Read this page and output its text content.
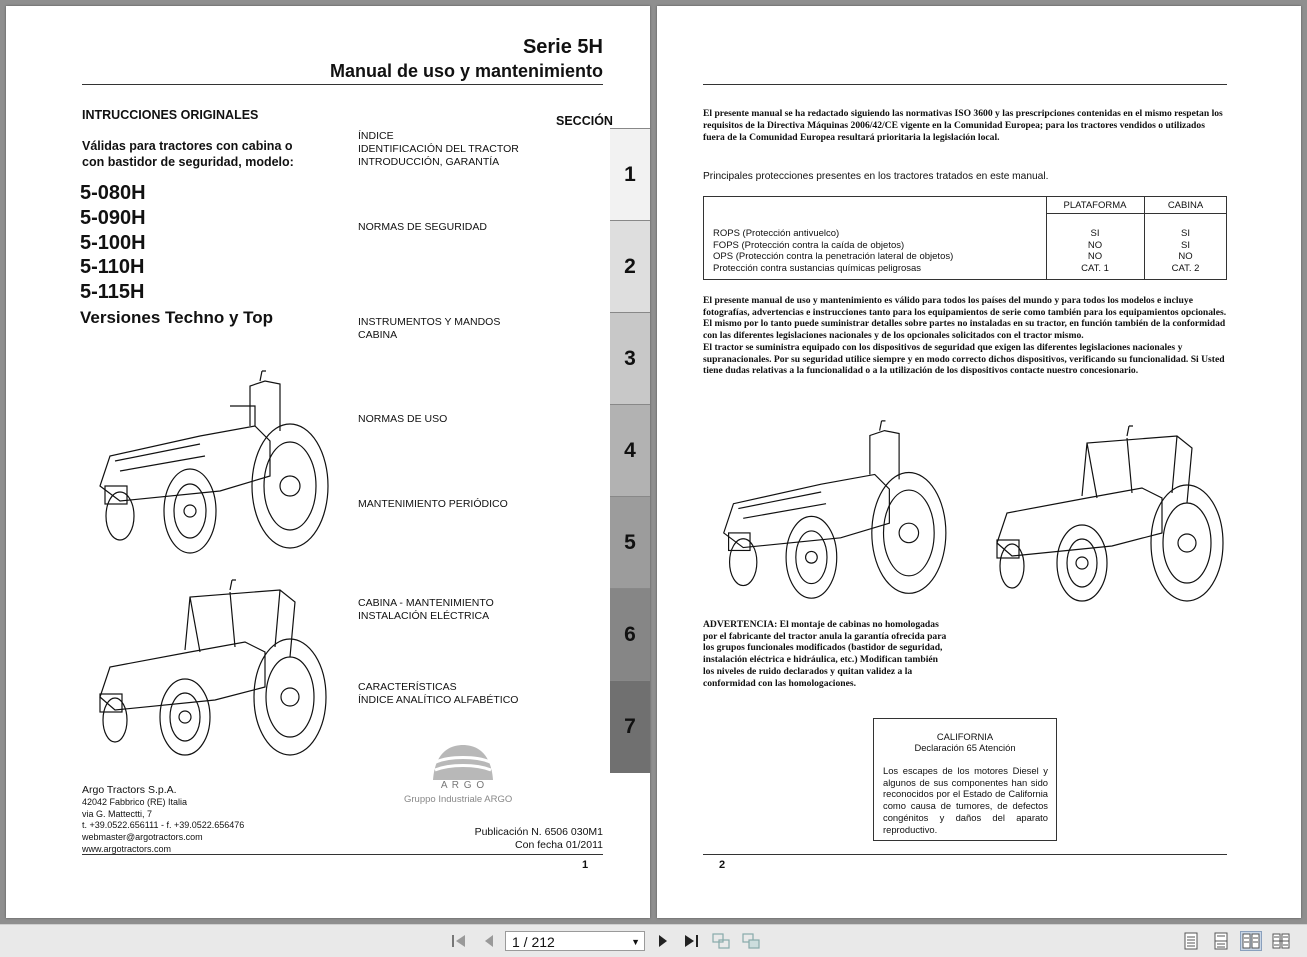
Serie 5H
Manual de uso y mantenimiento
INTRUCCIONES ORIGINALES
Válidas para tractores con cabina o
con bastidor de seguridad, modelo:
5-080H
5-090H
5-100H
5-110H
5-115H
Versiones Techno y Top
ÍNDICE
IDENTIFICACIÓN DEL TRACTOR
INTRODUCCIÓN, GARANTÍA
NORMAS DE SEGURIDAD
INSTRUMENTOS Y MANDOS
CABINA
NORMAS DE USO
MANTENIMIENTO PERIÓDICO
CABINA - MANTENIMIENTO
INSTALACIÓN ELÉCTRICA
CARACTERÍSTICAS
ÍNDICE ANALÍTICO ALFABÉTICO
SECCIÓN
1
2
3
4
5
6
7
Argo Tractors S.p.A.
42042 Fabbrico (RE) Italia
via G. Mattectti, 7
t. +39.0522.656111 - f. +39.0522.656476
webmaster@argotractors.com
www.argotractors.com
A R G O
Gruppo Industriale ARGO
Publicación N. 6506 030M1
Con fecha 01/2011
1
El presente manual se ha redactado siguiendo las normativas ISO 3600 y las prescripciones contenidas en el mismo respetan los requisitos de la Directiva Máquinas 2006/42/CE vigente en la Comunidad Europea; para los tractores vendidos o utilizados fuera de la Comunidad Europea resultará prioritaria la legislación local.
Principales protecciones presentes en los tractores tratados en este manual.
PLATAFORMA	CABINA
ROPS (Protección antivuelco)
FOPS (Protección contra la caída de objetos)
OPS (Protección contra la penetración lateral de objetos)
Protección contra sustancias químicas peligrosas
SI
NO
NO
CAT. 1
SI
SI
NO
CAT. 2
El presente manual de uso y mantenimiento es válido para todos los países del mundo y para todos los modelos e incluye fotografías, advertencias e instrucciones tanto para los equipamientos de serie como también para los equipamientos opcionales. El mismo por lo tanto puede suministrar detalles sobre partes no instaladas en su tractor, en función también de la conformidad con las diferentes legislaciones nacionales y de los opcionales solicitados con el tractor mismo.
El tractor se suministra equipado con los dispositivos de seguridad que exigen las diferentes legislaciones nacionales y supranacionales. Por su seguridad utilice siempre y en modo correcto dichos dispositivos, verificando su funcionalidad. Si Usted tiene dudas relativas a la funcionalidad o a la utilización de los dispositivos contacte nuestro concesionario.
ADVERTENCIA: El montaje de cabinas no homologadas por el fabricante del tractor anula la garantía ofrecida para los grupos funcionales modificados (bastidor de seguridad, instalación eléctrica e hidráulica, etc.) Modifican también los niveles de ruido declarados y quitan validez a la conformidad con las homologaciones.
CALIFORNIA
Declaración 65 Atención
Los escapes de los motores Diesel y algunos de sus componentes han sido reconocidos por el Estado de California como causa de tumores, de defectos congénitos y daños del aparato reproductivo.
2
1 / 212	▼
